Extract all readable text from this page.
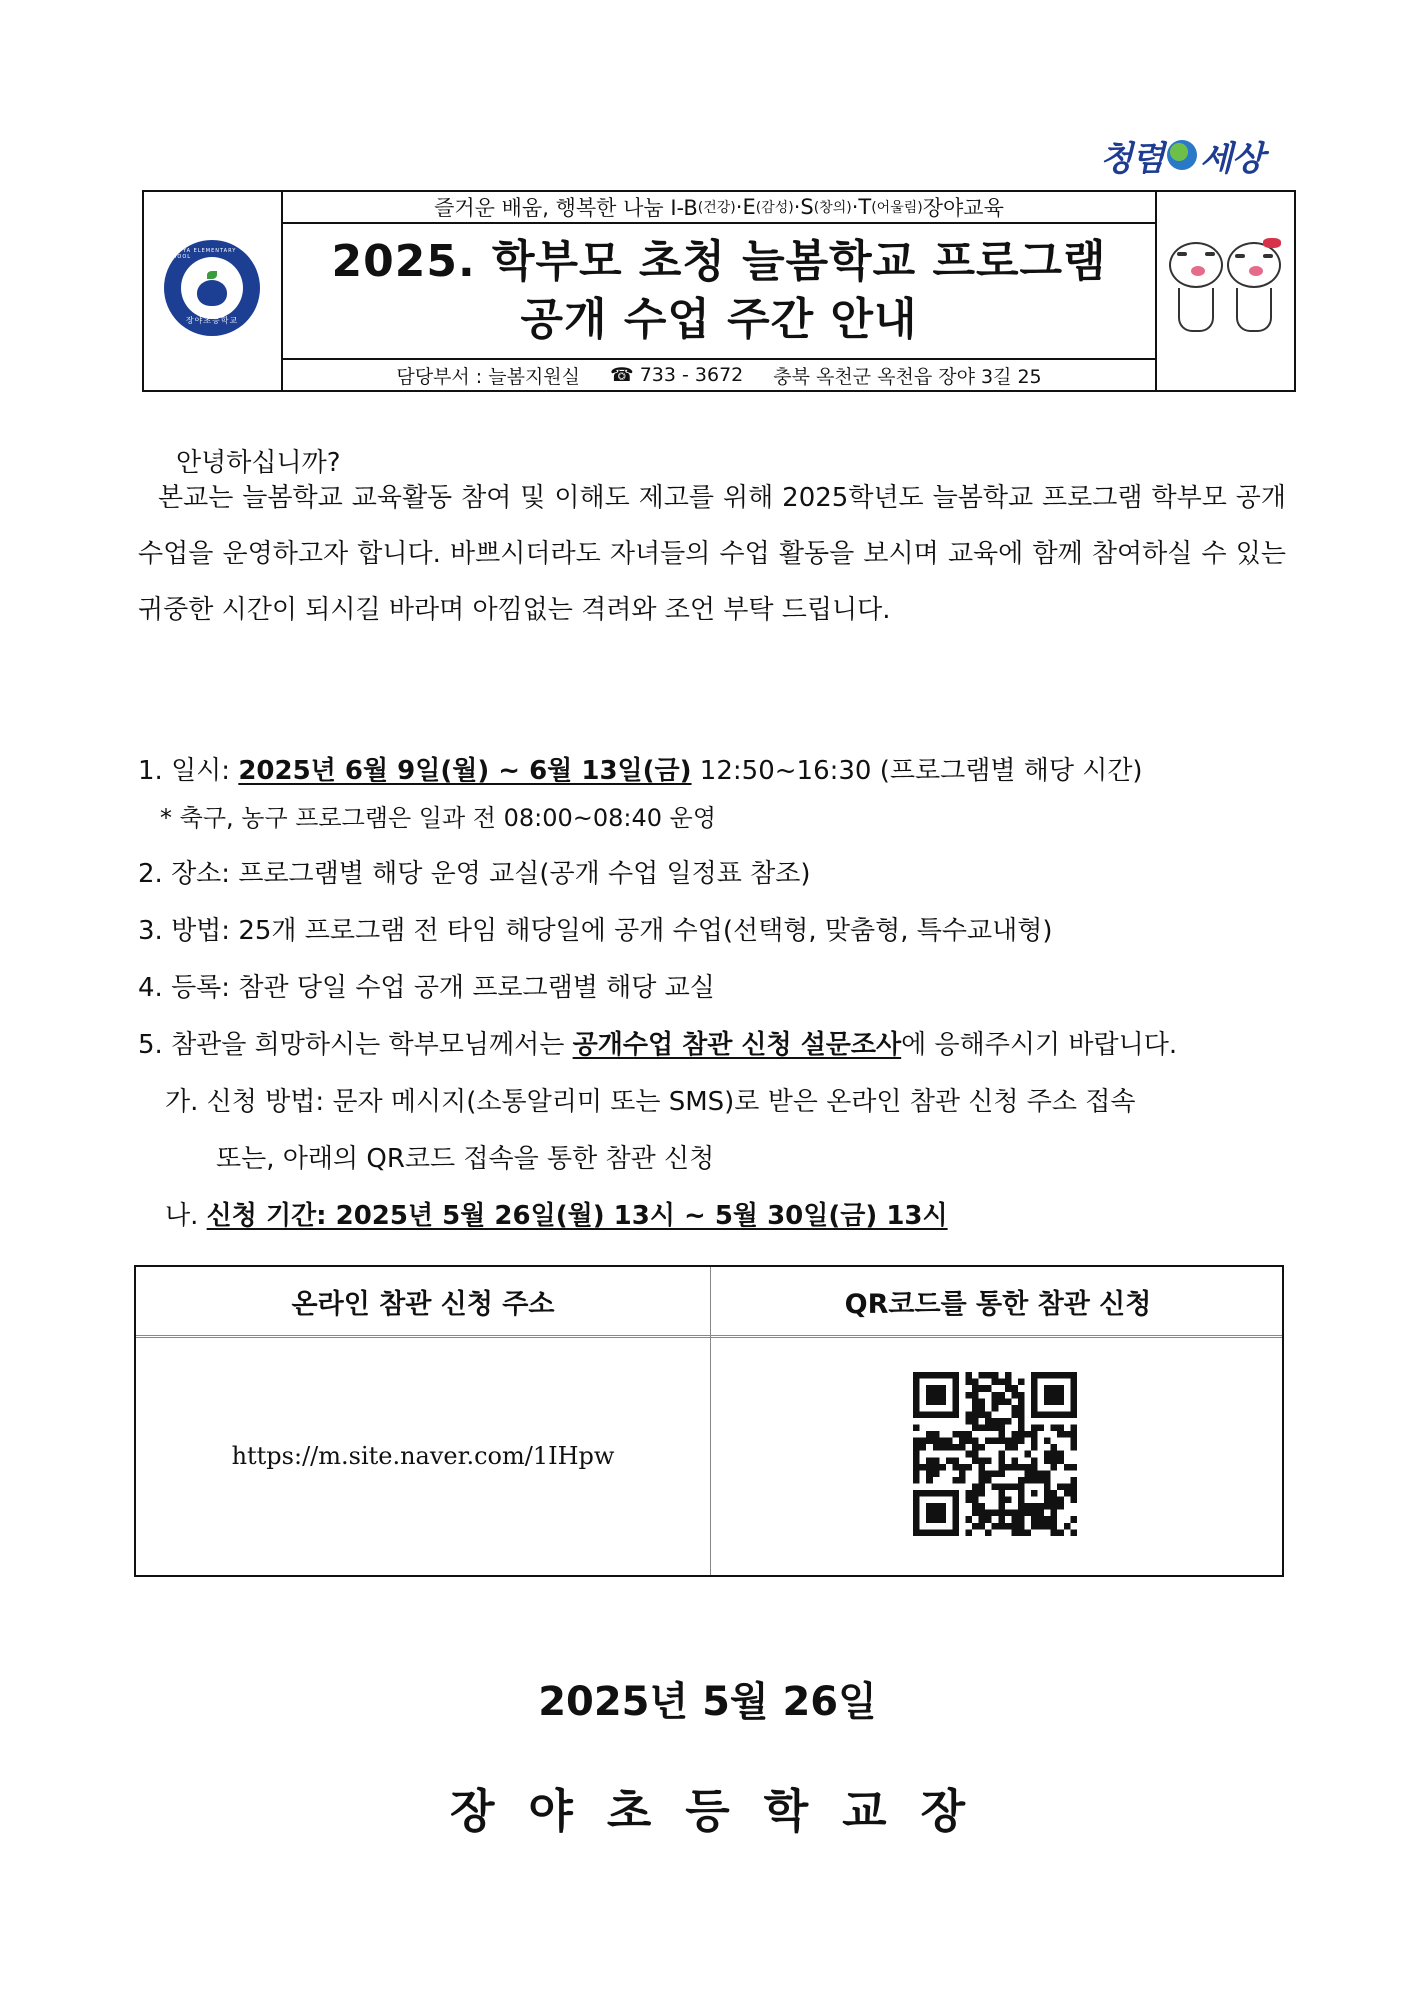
청렴 세상
JANG YA ELEMENTARY SCHOOL
장야초등학교
즐거운 배움, 행복한 나눔 I-B (건강) ·E (감성) ·S (창의) ·T (어울림) 장야교육
2025. 학부모 초청 늘봄학교 프로그램
공개 수업 주간 안내
담당부서 : 늘봄지원실 ☎ 733 - 3672 충북 옥천군 옥천읍 장야 3길 25
안녕하십니까?
본교는 늘봄학교 교육활동 참여 및 이해도 제고를 위해 2025학년도 늘봄학교 프로그램 학부모 공개 수업을 운영하고자 합니다. 바쁘시더라도 자녀들의 수업 활동을 보시며 교육에 함께 참여하실 수 있는 귀중한 시간이 되시길 바라며 아낌없는 격려와 조언 부탁 드립니다.
1. 일시: 2025년 6월 9일(월) ~ 6월 13일(금) 12:50~16:30 (프로그램별 해당 시간)
* 축구, 농구 프로그램은 일과 전 08:00~08:40 운영
2. 장소: 프로그램별 해당 운영 교실(공개 수업 일정표 참조)
3. 방법: 25개 프로그램 전 타임 해당일에 공개 수업(선택형, 맞춤형, 특수교내형)
4. 등록: 참관 당일 수업 공개 프로그램별 해당 교실
5. 참관을 희망하시는 학부모님께서는 공개수업 참관 신청 설문조사에 응해주시기 바랍니다.
가. 신청 방법: 문자 메시지(소통알리미 또는 SMS)로 받은 온라인 참관 신청 주소 접속
또는, 아래의 QR코드 접속을 통한 참관 신청
나. 신청 기간: 2025년 5월 26일(월) 13시 ~ 5월 30일(금) 13시
온라인 참관 신청 주소	QR코드를 통한 참관 신청
https://m.site.naver.com/1IHpw
2025년 5월 26일
장야초등학교장
